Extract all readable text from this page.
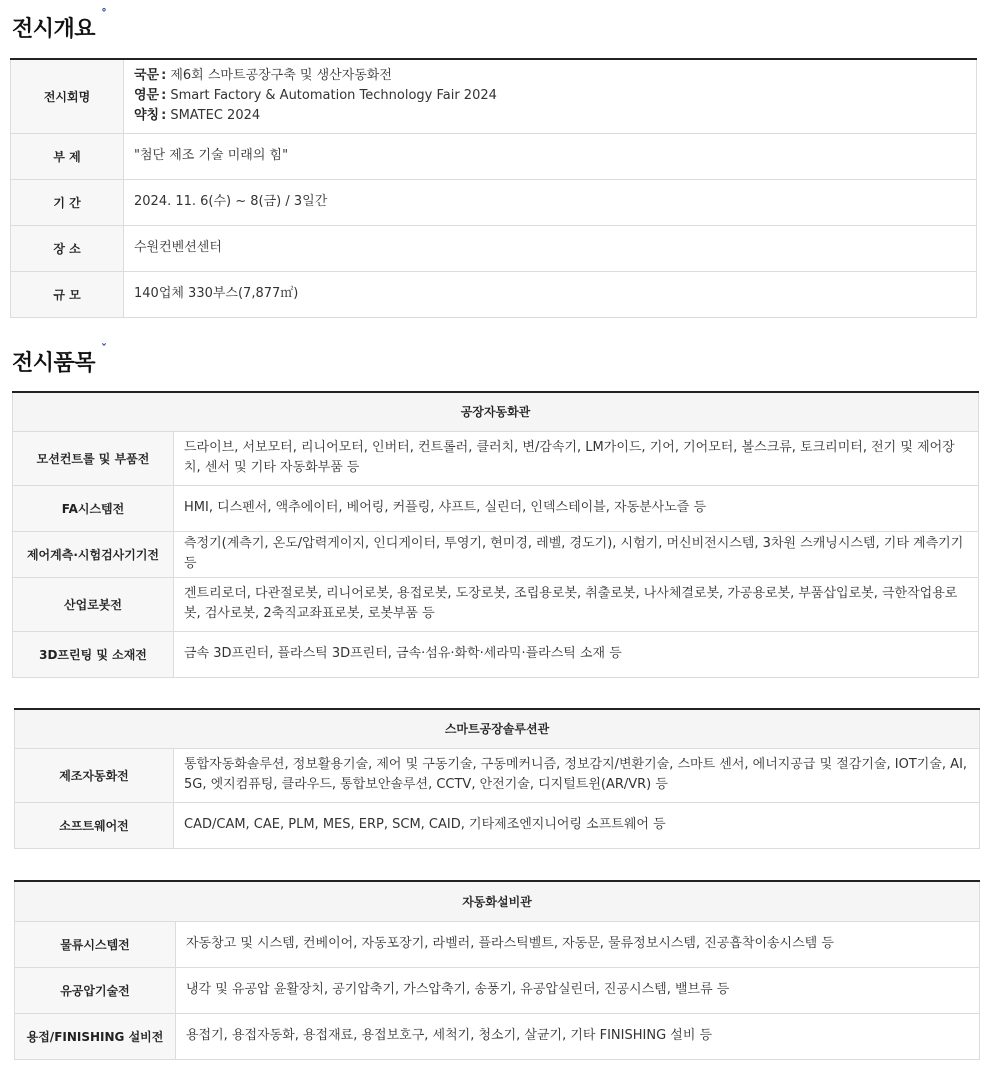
전시개요˚
전시회명	국문 : 제6회 스마트공장구축 및 생산자동화전
영문 : Smart Factory & Automation Technology Fair 2024
약칭 : SMATEC 2024

부 제	"첨단 제조 기술 미래의 힘"
기 간	2024. 11. 6(수) ~ 8(금) / 3일간
장 소	수원컨벤션센터
규 모	140업체 330부스(7,877㎡)
전시품목$^ˇ$
공장자동화관	
모션컨트롤 및 부품전	드라이브, 서보모터, 리니어모터, 인버터, 컨트롤러, 클러치, 변/감속기, LM가이드, 기어, 기어모터, 볼스크류, 토크리미터, 전기 및 제어장치, 센서 및 기타 자동화부품 등
FA시스템전	HMI, 디스펜서, 액추에이터, 베어링, 커플링, 샤프트, 실린더, 인덱스테이블, 자동분사노즐 등
제어계측·시험검사기기전	측정기(계측기, 온도/압력게이지, 인디게이터, 투영기, 현미경, 레벨, 경도기), 시험기, 머신비전시스템, 3차원 스캐닝시스템, 기타 계측기기 등
산업로봇전	겐트리로더, 다관절로봇, 리니어로봇, 용접로봇, 도장로봇, 조립용로봇, 취출로봇, 나사체결로봇, 가공용로봇, 부품삽입로봇, 극한작업용로봇, 검사로봇, 2축직교좌표로봇, 로봇부품 등
3D프린팅 및 소재전	금속 3D프린터, 플라스틱 3D프린터, 금속·섬유·화학·세라믹·플라스틱 소재 등
스마트공장솔루션관	
제조자동화전	통합자동화솔루션, 정보활용기술, 제어 및 구동기술, 구동메커니즘, 정보감지/변환기술, 스마트 센서, 에너지공급 및 절감기술, IOT기술, AI, 5G, 엣지컴퓨팅, 클라우드, 통합보안솔루션, CCTV, 안전기술, 디지털트윈(AR/VR) 등
소프트웨어전	CAD/CAM, CAE, PLM, MES, ERP, SCM, CAID, 기타제조엔지니어링 소프트웨어 등
자동화설비관	
물류시스템전	자동창고 및 시스템, 컨베이어, 자동포장기, 라벨러, 플라스틱벨트, 자동문, 물류정보시스템, 진공흡착이송시스템 등
유공압기술전	냉각 및 유공압 윤활장치, 공기압축기, 가스압축기, 송풍기, 유공압실린더, 진공시스템, 밸브류 등
용접/FINISHING 설비전	용접기, 용접자동화, 용접재료, 용접보호구, 세척기, 청소기, 살균기, 기타 FINISHING 설비 등
